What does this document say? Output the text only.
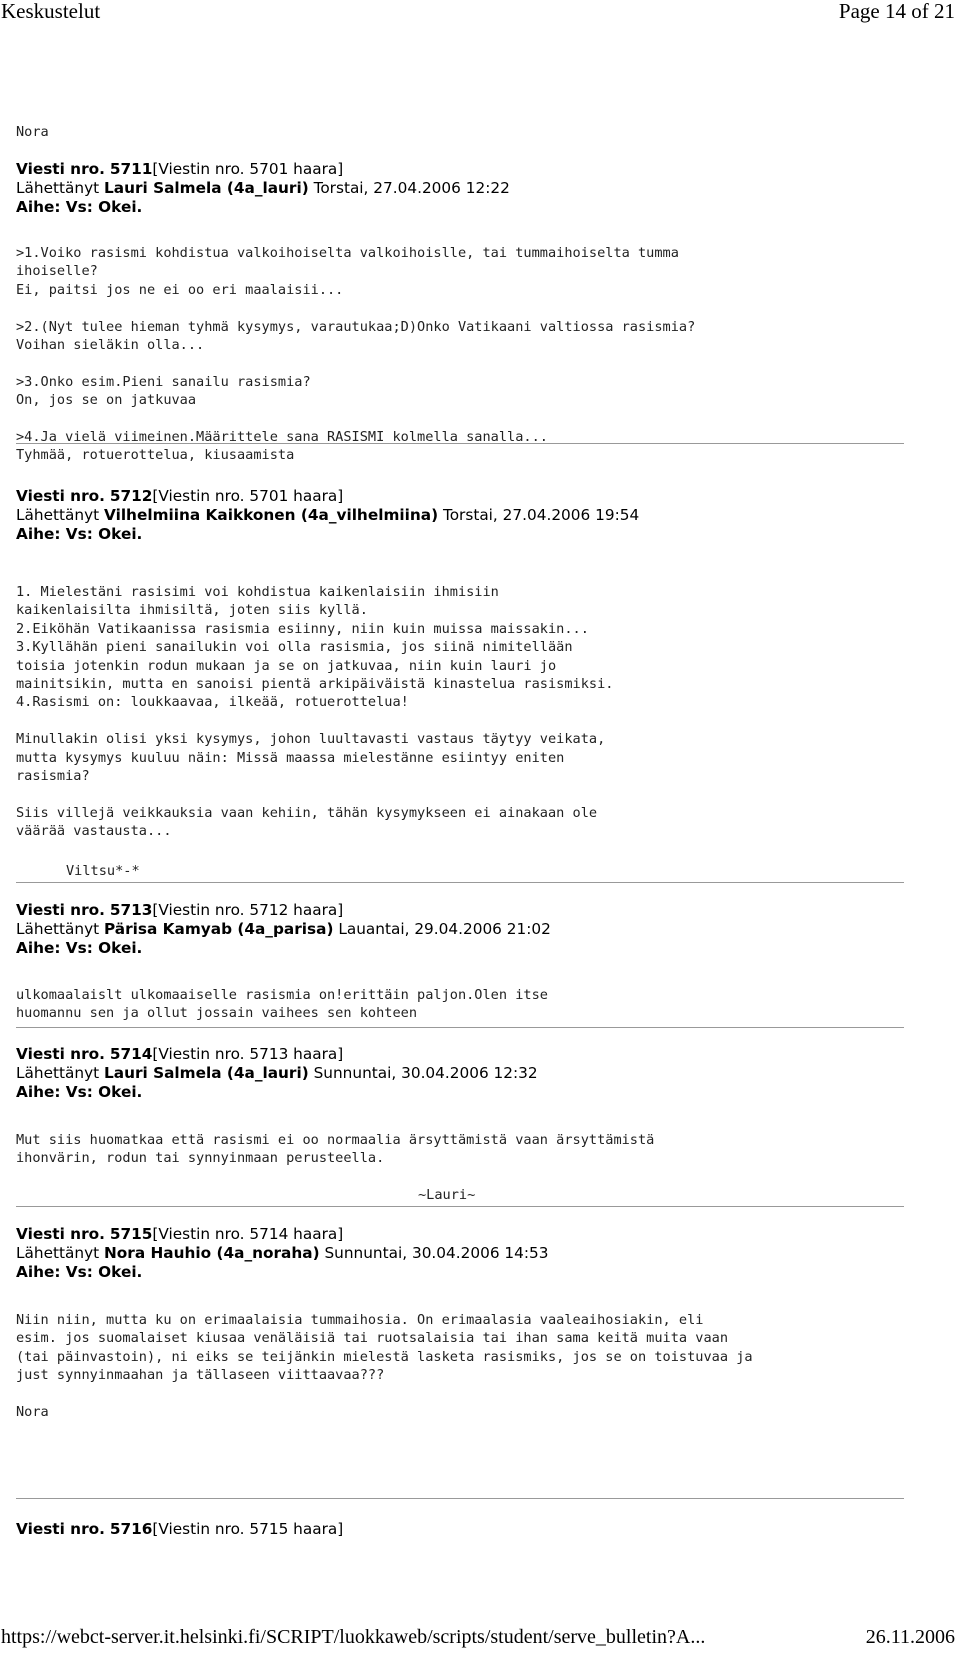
Keskustelut	Page 14 of 21

Nora

Viesti nro. 5711[Viestin nro. 5701 haara]

Lähettänyt Lauri Salmela (4a_lauri) Torstai, 27.04.2006 12:22

Aihe: Vs: Okei.

>1.Voiko rasismi kohdistua valkoihoiselta valkoihoislle, tai tummaihoiselta tumma
ihoiselle?
Ei, paitsi jos ne ei oo eri maalaisii...

>2.(Nyt tulee hieman tyhmä kysymys, varautukaa;D)Onko Vatikaani valtiossa rasismia?
Voihan sieläkin olla...

>3.Onko esim.Pieni sanailu rasismia?
On, jos se on jatkuvaa

>4.Ja vielä viimeinen.Määrittele sana RASISMI kolmella sanalla...
Tyhmää, rotuerottelua, kiusaamista

Viesti nro. 5712[Viestin nro. 5701 haara]

Lähettänyt Vilhelmiina Kaikkonen (4a_vilhelmiina) Torstai, 27.04.2006 19:54

Aihe: Vs: Okei.

1. Mielestäni rasisimi voi kohdistua kaikenlaisiin ihmisiin
kaikenlaisilta ihmisiltä, joten siis kyllä.
2.Eiköhän Vatikaanissa rasismia esiinny, niin kuin muissa maissakin...
3.Kyllähän pieni sanailukin voi olla rasismia, jos siinä nimitellään
toisia jotenkin rodun mukaan ja se on jatkuvaa, niin kuin lauri jo
mainitsikin, mutta en sanoisi pientä arkipäiväistä kinastelua rasismiksi.
4.Rasismi on: loukkaavaa, ilkeää, rotuerottelua!

Minullakin olisi yksi kysymys, johon luultavasti vastaus täytyy veikata,
mutta kysymys kuuluu näin: Missä maassa mielestänne esiintyy eniten
rasismia?

Siis villejä veikkauksia vaan kehiin, tähän kysymykseen ei ainakaan ole
väärää vastausta...

Viltsu*-*

Viesti nro. 5713[Viestin nro. 5712 haara]

Lähettänyt Pärisa Kamyab (4a_parisa) Lauantai, 29.04.2006 21:02

Aihe: Vs: Okei.

ulkomaalaislt ulkomaaiselle rasismia on!erittäin paljon.Olen itse
huomannu sen ja ollut jossain vaihees sen kohteen

Viesti nro. 5714[Viestin nro. 5713 haara]

Lähettänyt Lauri Salmela (4a_lauri) Sunnuntai, 30.04.2006 12:32

Aihe: Vs: Okei.

Mut siis huomatkaa että rasismi ei oo normaalia ärsyttämistä vaan ärsyttämistä
ihonvärin, rodun tai synnyinmaan perusteella.

~Lauri~

Viesti nro. 5715[Viestin nro. 5714 haara]

Lähettänyt Nora Hauhio (4a_noraha) Sunnuntai, 30.04.2006 14:53

Aihe: Vs: Okei.

Niin niin, mutta ku on erimaalaisia tummaihosia. On erimaalasia vaaleaihosiakin, eli
esim. jos suomalaiset kiusaa venäläisiä tai ruotsalaisia tai ihan sama keitä muita vaan
(tai päinvastoin), ni eiks se teijänkin mielestä lasketa rasismiks, jos se on toistuvaa ja
just synnyinmaahan ja tällaseen viittaavaa???

Nora

Viesti nro. 5716[Viestin nro. 5715 haara]

https://webct-server.it.helsinki.fi/SCRIPT/luokkaweb/scripts/student/serve_bulletin?A...	26.11.2006
